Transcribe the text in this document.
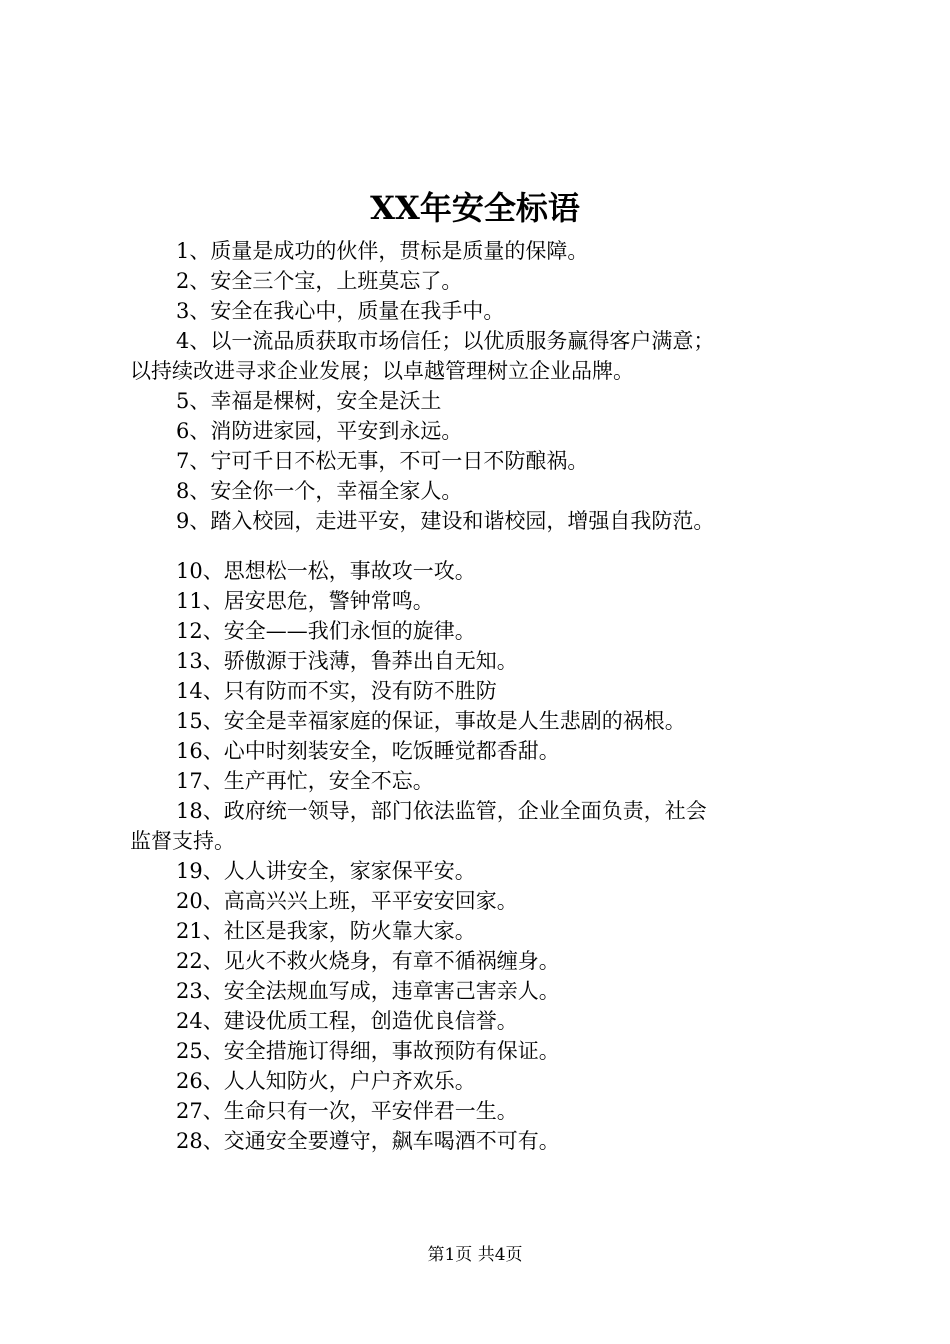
XX年安全标语
1、质量是成功的伙伴，贯标是质量的保障。
2、安全三个宝，上班莫忘了。
3、安全在我心中，质量在我手中。
4、以一流品质获取市场信任；以优质服务赢得客户满意；
以持续改进寻求企业发展；以卓越管理树立企业品牌。
5、幸福是棵树，安全是沃土
6、消防进家园，平安到永远。
7、宁可千日不松无事，不可一日不防酿祸。
8、安全你一个，幸福全家人。
9、踏入校园，走进平安，建设和谐校园，增强自我防范。
10、思想松一松，事故攻一攻。
11、居安思危，警钟常鸣。
12、安全——我们永恒的旋律。
13、骄傲源于浅薄，鲁莽出自无知。
14、只有防而不实，没有防不胜防
15、安全是幸福家庭的保证，事故是人生悲剧的祸根。
16、心中时刻装安全，吃饭睡觉都香甜。
17、生产再忙，安全不忘。
18、政府统一领导，部门依法监管，企业全面负责，社会
监督支持。
19、人人讲安全，家家保平安。
20、高高兴兴上班，平平安安回家。
21、社区是我家，防火靠大家。
22、见火不救火烧身，有章不循祸缠身。
23、安全法规血写成，违章害己害亲人。
24、建设优质工程，创造优良信誉。
25、安全措施订得细，事故预防有保证。
26、人人知防火，户户齐欢乐。
27、生命只有一次，平安伴君一生。
28、交通安全要遵守，飙车喝酒不可有。
第1页 共4页
